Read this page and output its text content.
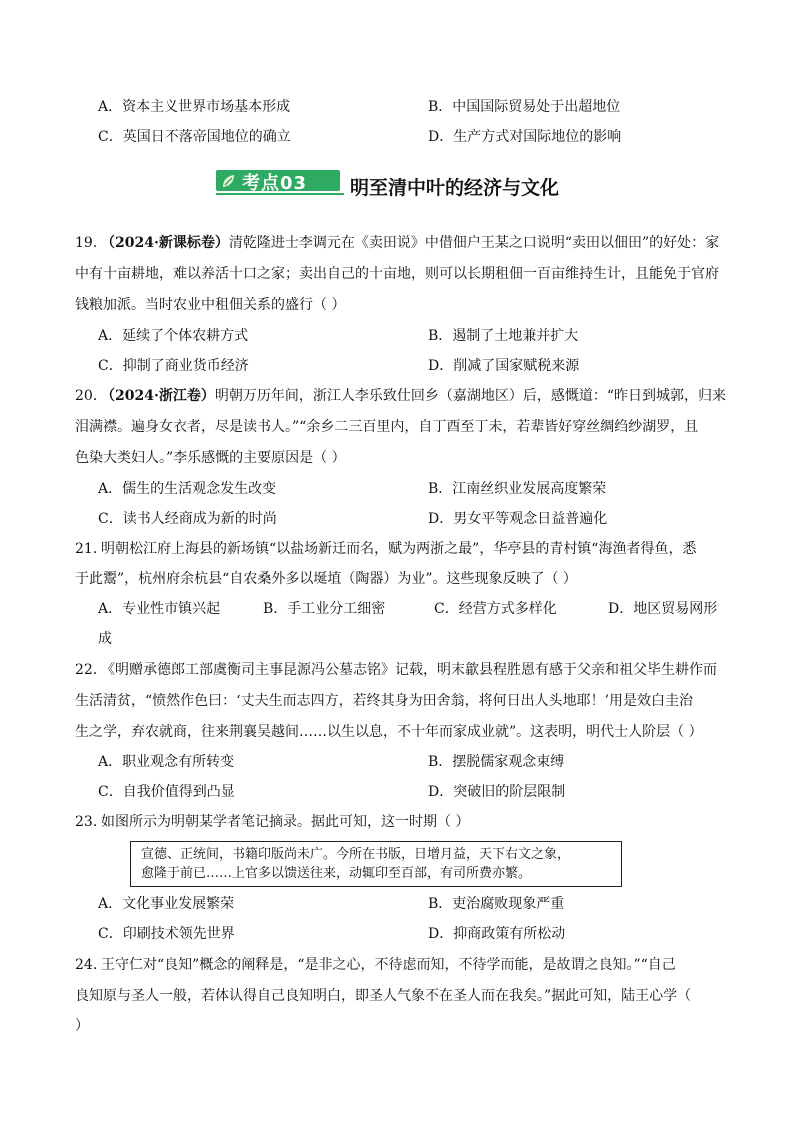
A．资本主义世界市场基本形成	B．中国国际贸易处于出超地位
C．英国日不落帝国地位的确立	D．生产方式对国际地位的影响
考点03 明至清中叶的经济与文化
19．（2024·新课标卷）清乾隆进士李调元在《卖田说》中借佃户王某之口说明“卖田以佃田”的好处：家
中有十亩耕地，难以养活十口之家；卖出自己的十亩地，则可以长期租佃一百亩维持生计，且能免于官府
钱粮加派。当时农业中租佃关系的盛行（ ）
A．延续了个体农耕方式	B．遏制了土地兼并扩大
C．抑制了商业货币经济	D．削减了国家赋税来源
20．（2024·浙江卷）明朝万历年间，浙江人李乐致仕回乡（嘉湖地区）后，感慨道：“昨日到城郭，归来
泪满襟。遍身女衣者，尽是读书人。”“余乡二三百里内，自丁酉至丁未，若辈皆好穿丝绸绉纱湖罗，且
色染大类妇人。”李乐感慨的主要原因是（ ）
A．儒生的生活观念发生改变	B．江南丝织业发展高度繁荣
C．读书人经商成为新的时尚	D．男女平等观念日益普遍化
21．明朝松江府上海县的新场镇“以盐场新迁而名，赋为两浙之最”，华亭县的青村镇“海渔者得鱼，悉
于此鬻”，杭州府余杭县“自农桑外多以埏埴（陶器）为业”。这些现象反映了（ ）
A．专业性市镇兴起	B．手工业分工细密	C．经营方式多样化	D．地区贸易网形
成
22．《明赠承德郎工部虞衡司主事昆源冯公墓志铭》记载，明末歙县程胜恩有感于父亲和祖父毕生耕作而
生活清贫，“愤然作色曰：‘丈夫生而志四方，若终其身为田舍翁，将何日出人头地耶！’用是效白圭治
生之学，弃农就商，往来荆襄吴越间……以生以息，不十年而家成业就”。这表明，明代士人阶层（ ）
A．职业观念有所转变	B．摆脱儒家观念束缚
C．自我价值得到凸显	D．突破旧的阶层限制
23．如图所示为明朝某学者笔记摘录。据此可知，这一时期（ ）
宣德、正统间，书籍印版尚未广。今所在书版，日增月益，天下右文之象，
愈隆于前已……上官多以馈送往来，动辄印至百部，有司所费亦繁。
A．文化事业发展繁荣	B．吏治腐败现象严重
C．印刷技术领先世界	D．抑商政策有所松动
24．王守仁对“良知”概念的阐释是，“是非之心，不待虑而知，不待学而能，是故谓之良知。”“自己
良知原与圣人一般，若体认得自己良知明白，即圣人气象不在圣人而在我矣。”据此可知，陆王心学（
）
